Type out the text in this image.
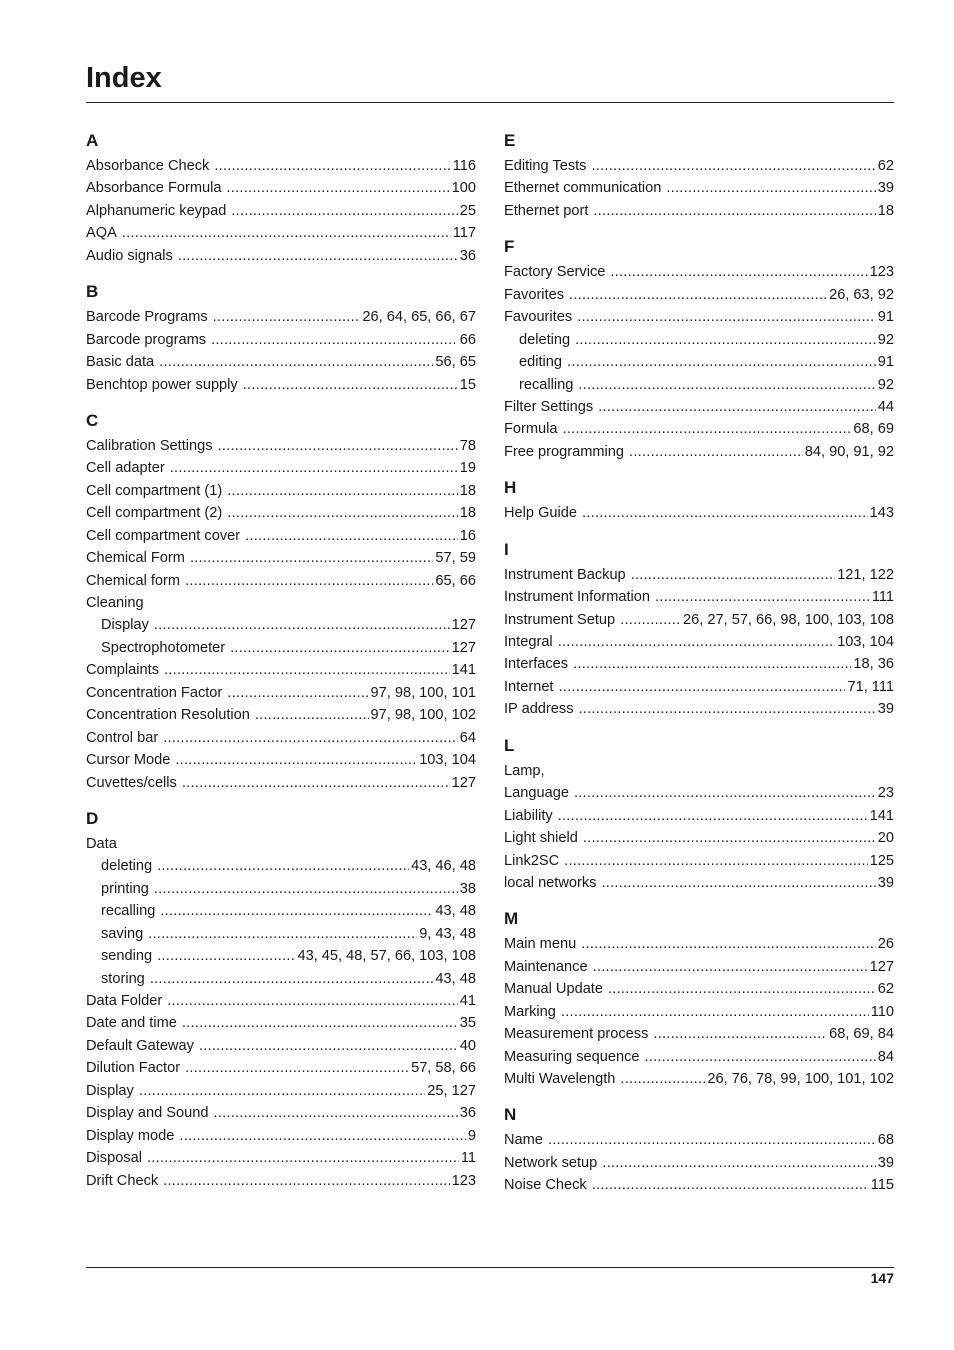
Index
A
Absorbance Check . . .	116
Absorbance Formula . . .	100
Alphanumeric keypad . . .	25
AQA . . .	117
Audio signals . . .	36
B
Barcode Programs . . .	26, 64, 65, 66, 67
Barcode programs . . .	66
Basic data . . .	56, 65
Benchtop power supply . . .	15
C
Calibration Settings . . .	78
Cell adapter . . .	19
Cell compartment (1) . . .	18
Cell compartment (2) . . .	18
Cell compartment cover . . .	16
Chemical Form . . .	57, 59
Chemical form . . .	65, 66
Cleaning
Display . . .	127
Spectrophotometer . . .	127
Complaints . . .	141
Concentration Factor . . .	97, 98, 100, 101
Concentration Resolution . . .	97, 98, 100, 102
Control bar . . .	64
Cursor Mode . . .	103, 104
Cuvettes/cells . . .	127
D
Data
deleting . . .	43, 46, 48
printing . . .	38
recalling . . .	43, 48
saving . . .	9, 43, 48
sending . . .	43, 45, 48, 57, 66, 103, 108
storing . . .	43, 48
Data Folder . . .	41
Date and time . . .	35
Default Gateway . . .	40
Dilution Factor . . .	57, 58, 66
Display . . .	25, 127
Display and Sound . . .	36
Display mode . . .	9
Disposal . . .	11
Drift Check . . .	123
E
Editing Tests . . .	62
Ethernet communication . . .	39
Ethernet port . . .	18
F
Factory Service . . .	123
Favorites . . .	26, 63, 92
Favourites . . .	91
deleting . . .	92
editing . . .	91
recalling . . .	92
Filter Settings . . .	44
Formula . . .	68, 69
Free programming . . .	84, 90, 91, 92
H
Help Guide . . .	143
I
Instrument Backup . . .	121, 122
Instrument Information . . .	111
Instrument Setup . . .	26, 27, 57, 66, 98, 100, 103, 108
Integral . . .	103, 104
Interfaces . . .	18, 36
Internet . . .	71, 111
IP address . . .	39
L
Lamp,
Language . . .	23
Liability . . .	141
Light shield . . .	20
Link2SC . . .	125
local networks . . .	39
M
Main menu . . .	26
Maintenance . . .	127
Manual Update . . .	62
Marking . . .	110
Measurement process . . .	68, 69, 84
Measuring sequence . . .	84
Multi Wavelength . . .	26, 76, 78, 99, 100, 101, 102
N
Name . . .	68
Network setup . . .	39
Noise Check . . .	115
147
